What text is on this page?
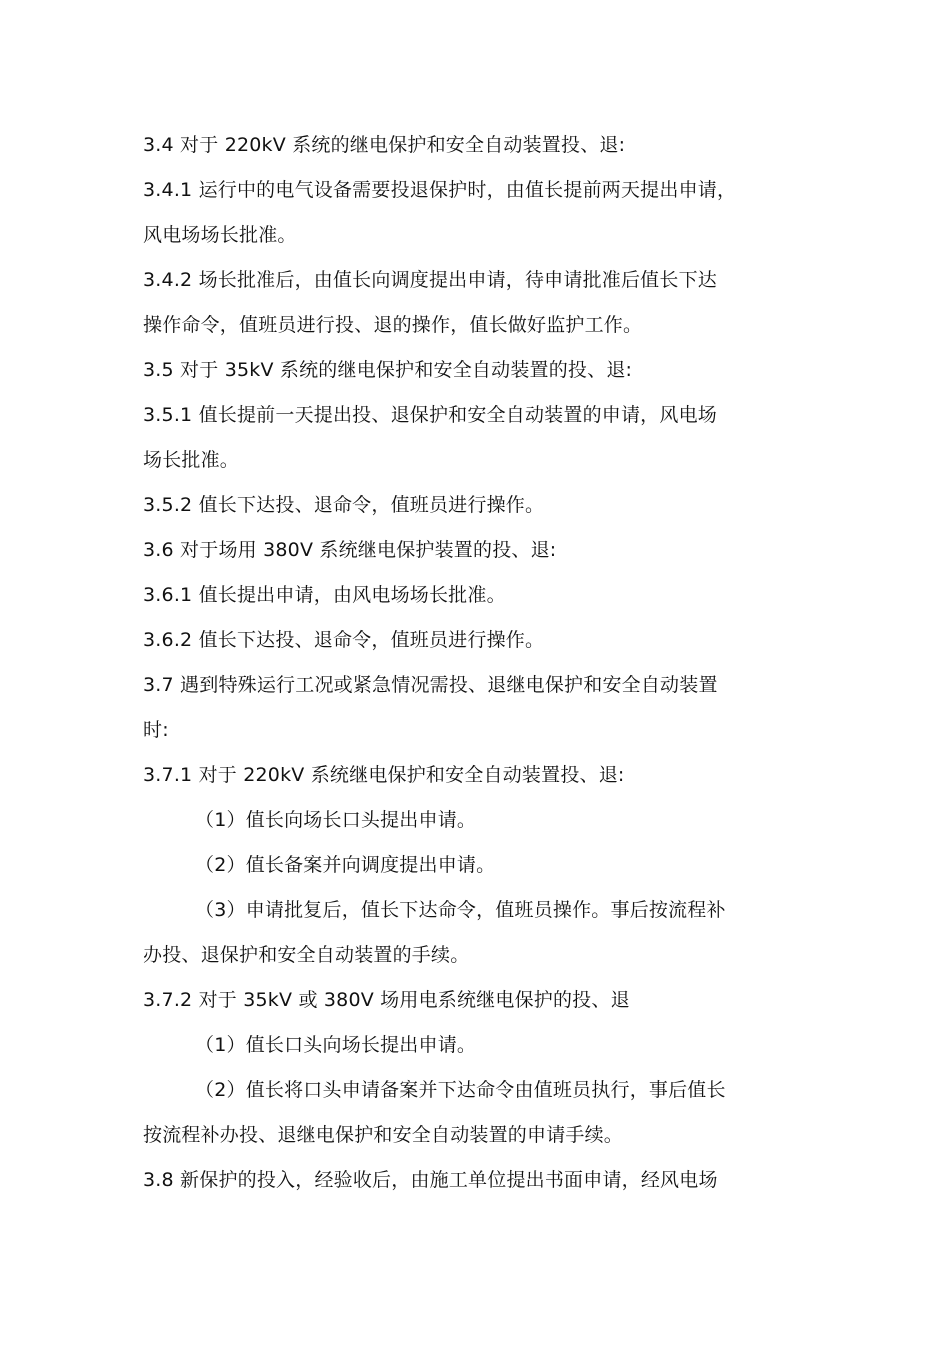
3.4 对于 220kV 系统的继电保护和安全自动装置投、退:
3.4.1 运行中的电气设备需要投退保护时，由值长提前两天提出申请，
风电场场长批准。
3.4.2 场长批准后，由值长向调度提出申请，待申请批准后值长下达
操作命令，值班员进行投、退的操作，值长做好监护工作。
3.5 对于 35kV 系统的继电保护和安全自动装置的投、退:
3.5.1 值长提前一天提出投、退保护和安全自动装置的申请，风电场
场长批准。
3.5.2 值长下达投、退命令，值班员进行操作。
3.6 对于场用 380V 系统继电保护装置的投、退:
3.6.1 值长提出申请，由风电场场长批准。
3.6.2 值长下达投、退命令，值班员进行操作。
3.7 遇到特殊运行工况或紧急情况需投、退继电保护和安全自动装置
时:
3.7.1 对于 220kV 系统继电保护和安全自动装置投、退:
（1）值长向场长口头提出申请。
（2）值长备案并向调度提出申请。
（3）申请批复后，值长下达命令，值班员操作。事后按流程补
办投、退保护和安全自动装置的手续。
3.7.2 对于 35kV 或 380V 场用电系统继电保护的投、退
（1）值长口头向场长提出申请。
（2）值长将口头申请备案并下达命令由值班员执行，事后值长
按流程补办投、退继电保护和安全自动装置的申请手续。
3.8 新保护的投入，经验收后，由施工单位提出书面申请，经风电场
